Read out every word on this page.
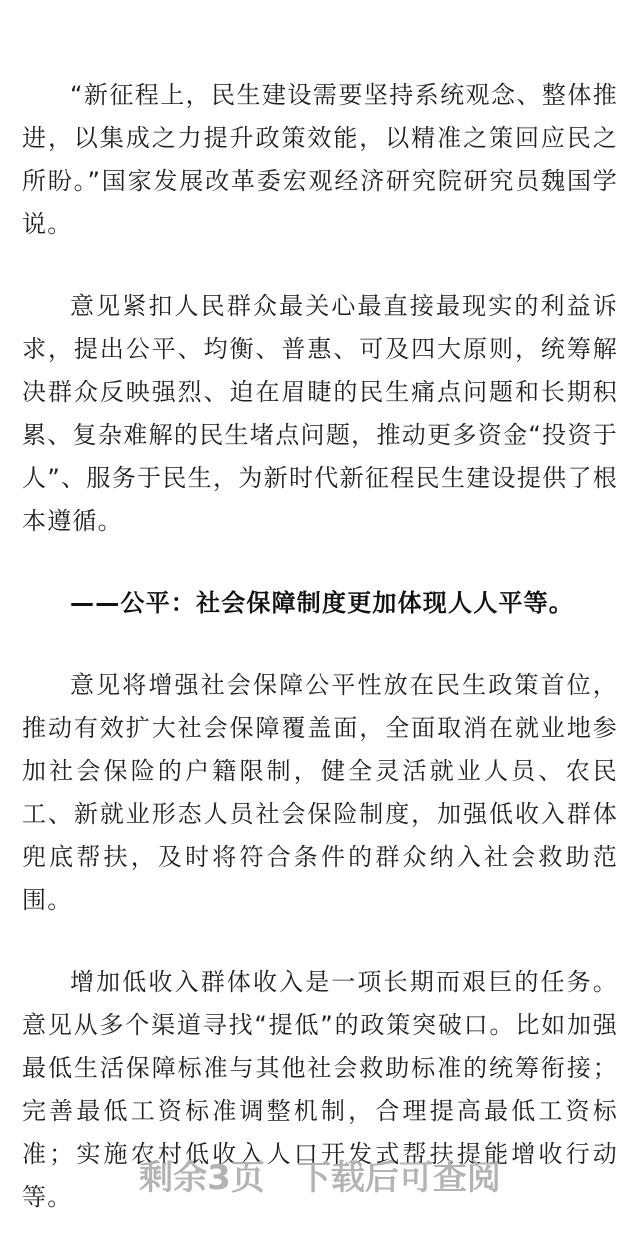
“新征程上，民生建设需要坚持系统观念、整体推进，以集成之力提升政策效能，以精准之策回应民之所盼。”国家发展改革委宏观经济研究院研究员魏国学说。

意见紧扣人民群众最关心最直接最现实的利益诉求，提出公平、均衡、普惠、可及四大原则，统筹解决群众反映强烈、迫在眉睫的民生痛点问题和长期积累、复杂难解的民生堵点问题，推动更多资金“投资于人”、服务于民生，为新时代新征程民生建设提供了根本遵循。

——公平：社会保障制度更加体现人人平等。

意见将增强社会保障公平性放在民生政策首位，推动有效扩大社会保障覆盖面，全面取消在就业地参加社会保险的户籍限制，健全灵活就业人员、农民工、新就业形态人员社会保险制度，加强低收入群体兜底帮扶，及时将符合条件的群众纳入社会救助范围。

增加低收入群体收入是一项长期而艰巨的任务。意见从多个渠道寻找“提低”的政策突破口。比如加强最低生活保障标准与其他社会救助标准的统筹衔接；完善最低工资标准调整机制，合理提高最低工资标准；实施农村低收入人口开发式帮扶提能增收行动等。	剩余3页 下载后可查阅
